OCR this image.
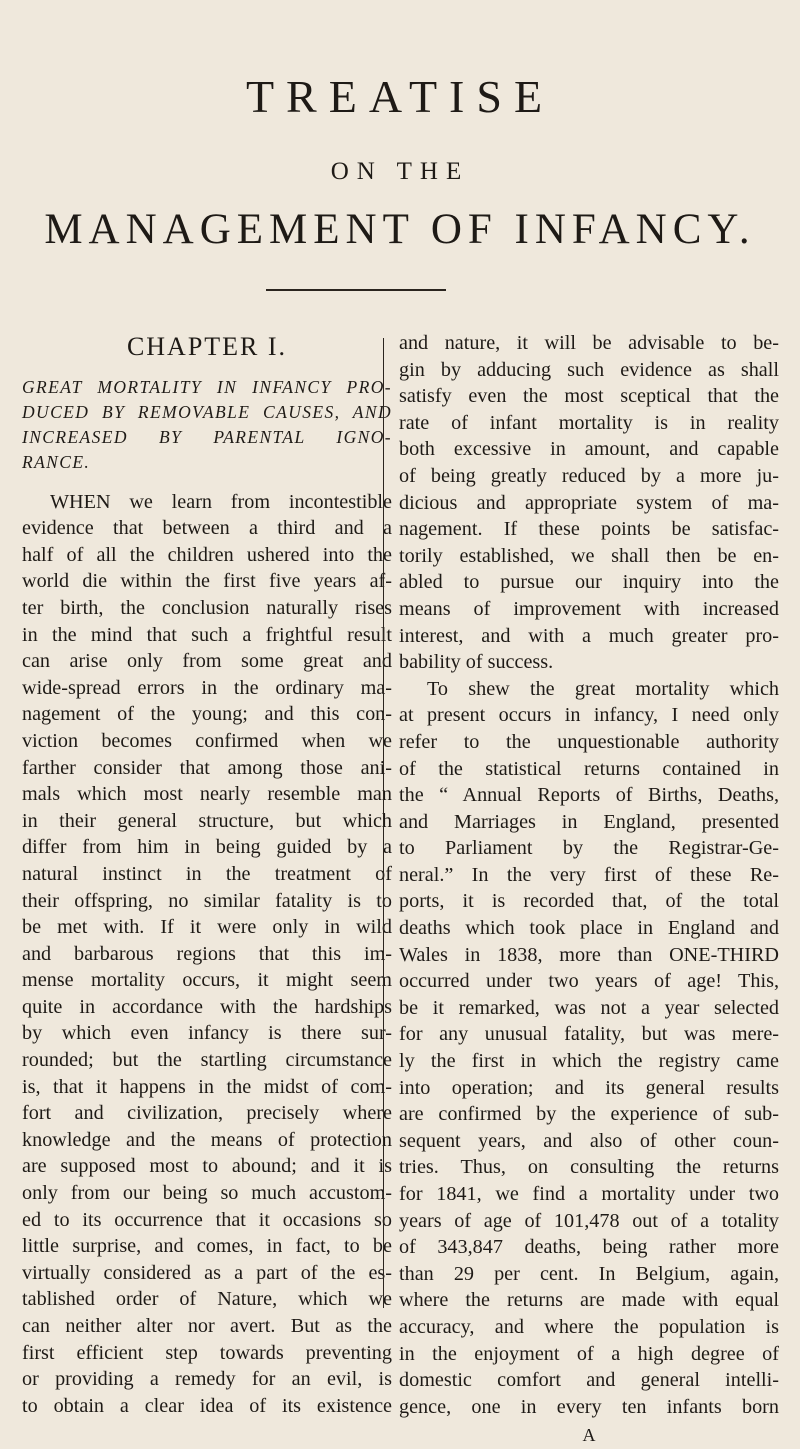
TREATISE
ON THE
MANAGEMENT OF INFANCY.
CHAPTER I.
GREAT MORTALITY IN INFANCY PRO-
DUCED BY REMOVABLE CAUSES, AND
INCREASED BY PARENTAL IGNO-
RANCE.
WHEN we learn from incontestible
evidence that between a third and a
half of all the children ushered into the
world die within the first five years af-
ter birth, the conclusion naturally rises
in the mind that such a frightful result
can arise only from some great and
wide-spread errors in the ordinary ma-
nagement of the young; and this con-
viction becomes confirmed when we
farther consider that among those ani-
mals which most nearly resemble man
in their general structure, but which
differ from him in being guided by a
natural instinct in the treatment of
their offspring, no similar fatality is to
be met with. If it were only in wild
and barbarous regions that this im-
mense mortality occurs, it might seem
quite in accordance with the hardships
by which even infancy is there sur-
rounded; but the startling circumstance
is, that it happens in the midst of com-
fort and civilization, precisely where
knowledge and the means of protection
are supposed most to abound; and it is
only from our being so much accustom-
ed to its occurrence that it occasions so
little surprise, and comes, in fact, to be
virtually considered as a part of the es-
tablished order of Nature, which we
can neither alter nor avert. But as the
first efficient step towards preventing
or providing a remedy for an evil, is
to obtain a clear idea of its existence
and nature, it will be advisable to be-
gin by adducing such evidence as shall
satisfy even the most sceptical that the
rate of infant mortality is in reality
both excessive in amount, and capable
of being greatly reduced by a more ju-
dicious and appropriate system of ma-
nagement. If these points be satisfac-
torily established, we shall then be en-
abled to pursue our inquiry into the
means of improvement with increased
interest, and with a much greater pro-
bability of success.
To shew the great mortality which
at present occurs in infancy, I need only
refer to the unquestionable authority
of the statistical returns contained in
the “ Annual Reports of Births, Deaths,
and Marriages in England, presented
to Parliament by the Registrar-Ge-
neral.” In the very first of these Re-
ports, it is recorded that, of the total
deaths which took place in England and
Wales in 1838, more than ONE-THIRD
occurred under two years of age! This,
be it remarked, was not a year selected
for any unusual fatality, but was mere-
ly the first in which the registry came
into operation; and its general results
are confirmed by the experience of sub-
sequent years, and also of other coun-
tries. Thus, on consulting the returns
for 1841, we find a mortality under two
years of age of 101,478 out of a totality
of 343,847 deaths, being rather more
than 29 per cent. In Belgium, again,
where the returns are made with equal
accuracy, and where the population is
in the enjoyment of a high degree of
domestic comfort and general intelli-
gence, one in every ten infants born
A
